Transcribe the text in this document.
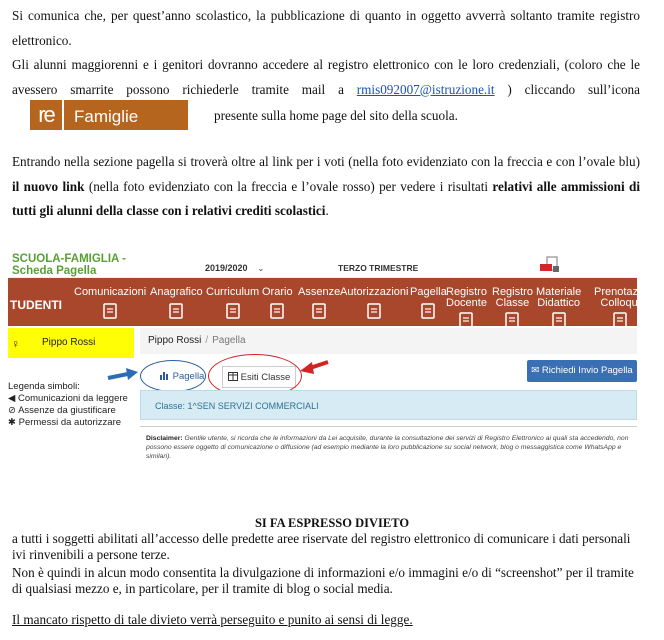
Si comunica che, per quest’anno scolastico, la pubblicazione di quanto in oggetto avverrà soltanto tramite registro elettronico.
Gli alunni maggiorenni e i genitori dovranno accedere al registro elettronico con le loro credenziali, (coloro che le avessero smarrite possono richiederle tramite mail a rmis092007@istruzione.it ) cliccando sull’iconare Famiglie	presente sulla home page del sito della scuola.
Entrando nella sezione pagella si troverà oltre al link per i voti (nella foto evidenziato con la freccia e con l’ovale blu) il nuovo link (nella foto evidenziato con la freccia e l’ovale rosso) per vedere i risultati relativi alle ammissioni di tutti gli alunni della classe con i relativi crediti scolastici.
SCUOLA-FAMIGLIA - Scheda Pagella	2019/2020 ⌄	TERZO TRIMESTRE
TUDENTI
Comunicazioni Anagrafico Curriculum Orario Assenze Autorizzazioni Pagella Registro
Docente
Registro
Classe
Materiale
Didattico
Prenotazio
Colloqui
♀ Pippo Rossi	Pippo Rossi / Pagella
Legenda simboli:
◀ Comunicazioni da leggere
⊘ Assenze da giustificare
✱ Permessi da autorizzare
Pagella	Esiti Classe
✉ Richiedi Invio Pagella
Classe: 1^SEN SERVIZI COMMERCIALI
Disclaimer: Gentile utente, si ricorda che le informazioni da Lei acquisite, durante la consultazione dei servizi di Registro Elettronico ai quali sta accedendo, non possono essere oggetto di comunicazione o diffusione (ad esempio mediante la loro pubblicazione su social network, blog o messaggistica come WhatsApp e simil⁠ari).
SI FA ESPRESSO DIVIETO
a tutti i soggetti abilitati all’accesso delle predette aree riservate del registro elettronico di comunicare i dati personali ivi rinvenibili a persone terze.
Non è quindi in alcun modo consentita la divulgazione di informazioni e/o immagini e/o di “screenshot” per il tramite di qualsiasi mezzo e, in particolare, per il tramite di blog o social media.
Il mancato rispetto di tale divieto verrà perseguito e punito ai sensi di legge.
